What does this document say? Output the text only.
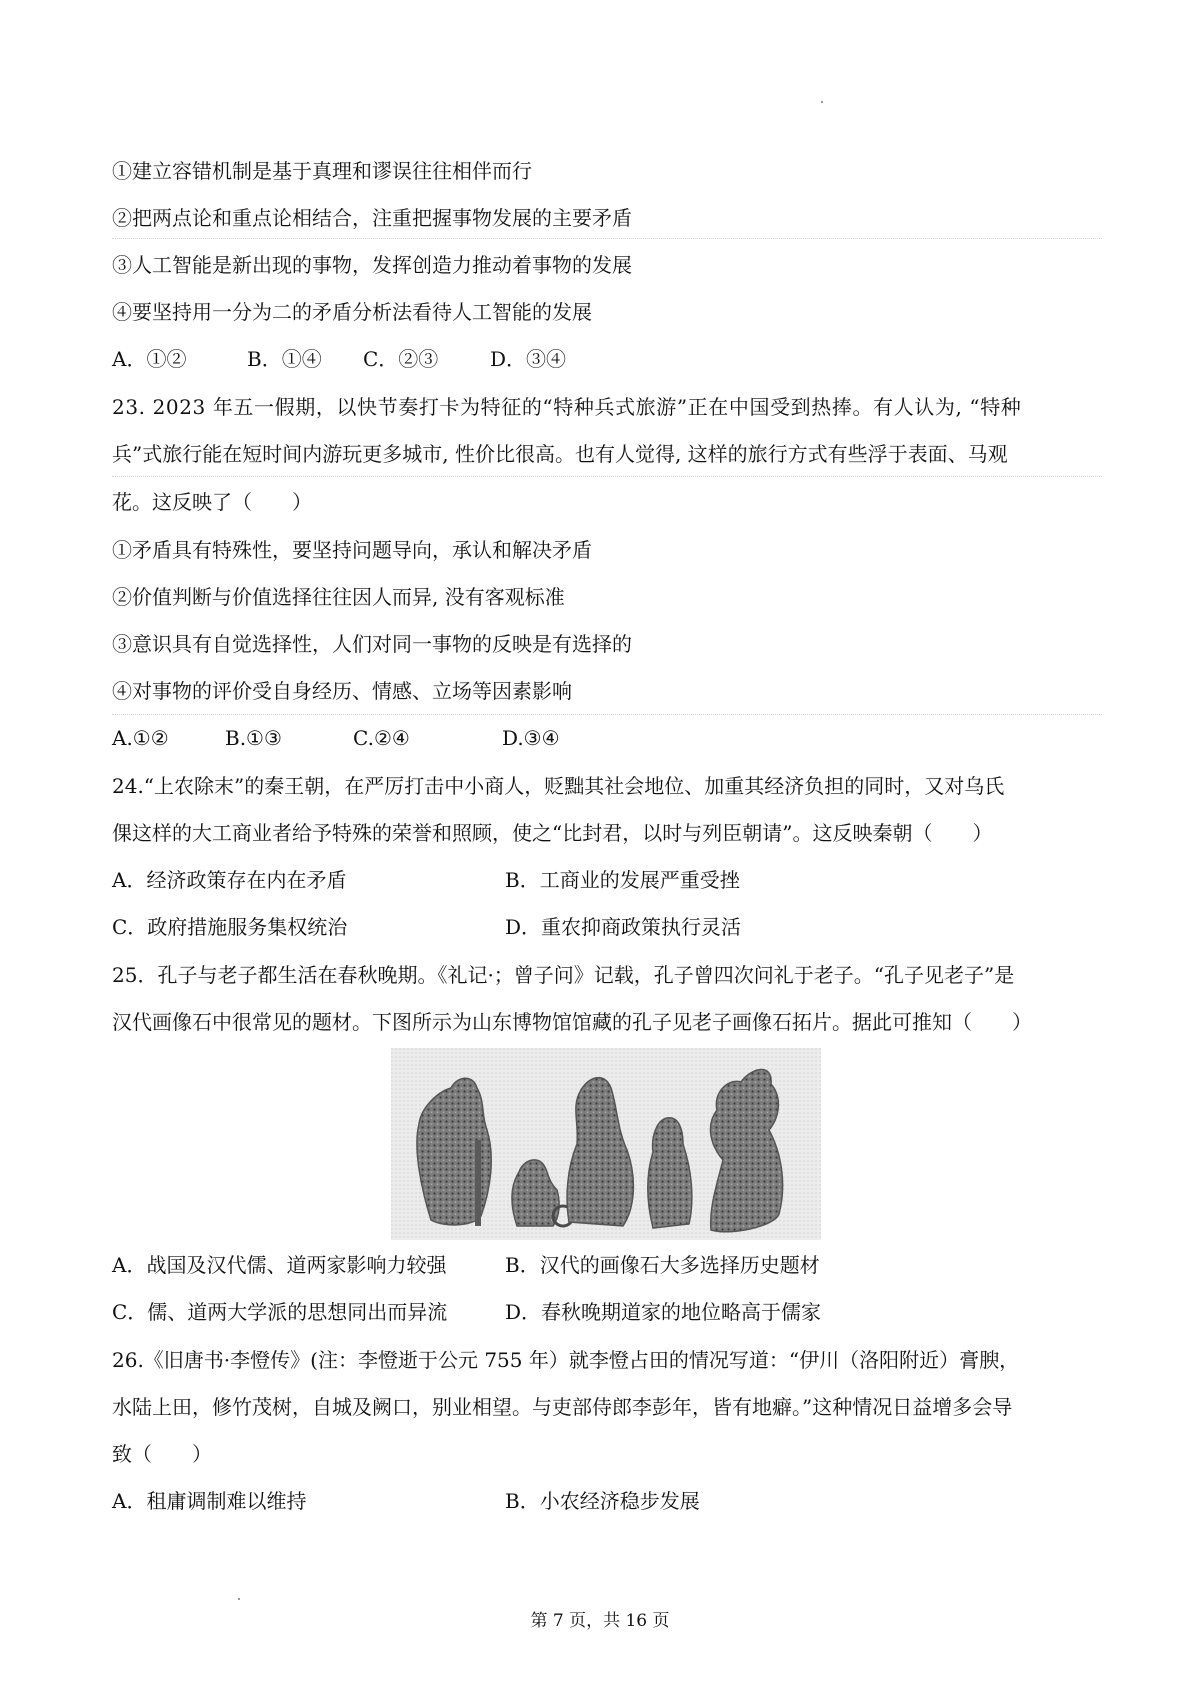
①建立容错机制是基于真理和谬误往往相伴而行
②把两点论和重点论相结合，注重把握事物发展的主要矛盾
③人工智能是新出现的事物，发挥创造力推动着事物的发展
④要坚持用一分为二的矛盾分析法看待人工智能的发展
A．①②	B．①④ C．②③	D．③④
23. 2023 年五一假期，以快节奏打卡为特征的“特种兵式旅游”正在中国受到热捧。有人认为, “特种
兵”式旅行能在短时间内游玩更多城市, 性价比很高。也有人觉得, 这样的旅行方式有些浮于表面、马观
花。这反映了（　　）
①矛盾具有特殊性，要坚持问题导向，承认和解决矛盾
②价值判断与价值选择往往因人而异, 没有客观标准
③意识具有自觉选择性，人们对同一事物的反映是有选择的
④对事物的评价受自身经历、情感、立场等因素影响
A.①②	B.①③	C.②④	D.③④
24.“上农除末”的秦王朝，在严厉打击中小商人，贬黜其社会地位、加重其经济负担的同时，又对乌氏
倮这样的大工商业者给予特殊的荣誉和照顾，使之“比封君，以时与列臣朝请”。这反映秦朝（　　）
A．经济政策存在内在矛盾	B．工商业的发展严重受挫
C．政府措施服务集权统治	D．重农抑商政策执行灵活
25．孔子与老子都生活在春秋晚期。《礼记·；曾子问》记载，孔子曾四次问礼于老子。“孔子见老子”是
汉代画像石中很常见的题材。下图所示为山东博物馆馆藏的孔子见老子画像石拓片。据此可推知（　　）
A．战国及汉代儒、道两家影响力较强	B．汉代的画像石大多选择历史题材
C．儒、道两大学派的思想同出而异流	D．春秋晚期道家的地位略高于儒家
26.《旧唐书·李憕传》(注：李憕逝于公元 755 年）就李憕占田的情况写道：“伊川（洛阳附近）膏腴，
水陆上田，修竹茂树，自城及阙口，别业相望。与吏部侍郎李彭年，皆有地癖。”这种情况日益增多会导
致（　　）
A．租庸调制难以维持	B．小农经济稳步发展
第 7 页，共 16 页
